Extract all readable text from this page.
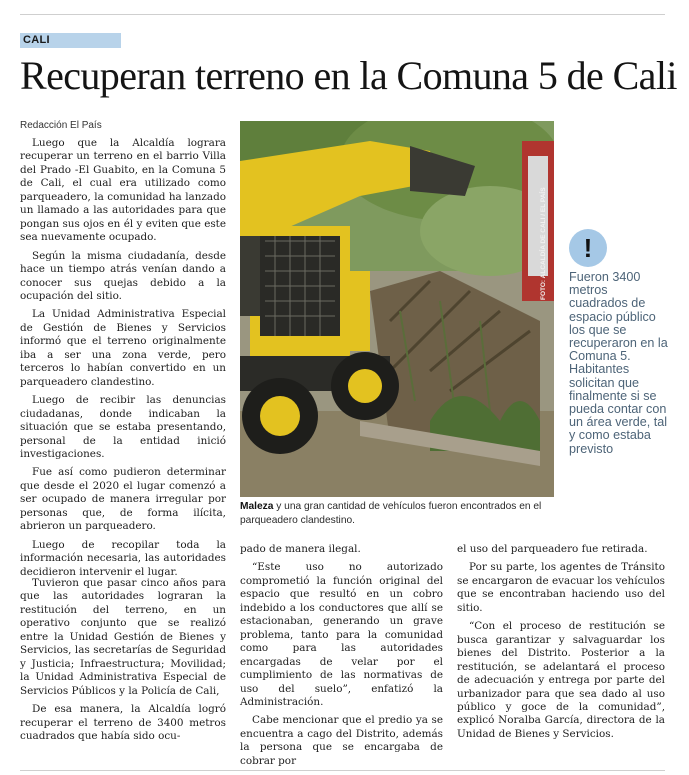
CALI
Recuperan terreno en la Comuna 5 de Cali
Redacción El País

Luego que la Alcaldía lograra recuperar un terreno en el barrio Villa del Prado -El Guabito, en la Comuna 5 de Cali, el cual era utilizado como parqueadero, la comunidad ha lanzado un llamado a las autoridades para que pongan sus ojos en él y eviten que este sea nuevamente ocupado.

Según la misma ciudadanía, desde hace un tiempo atrás venían dando a conocer sus quejas debido a la ocupación del sitio.

La Unidad Administrativa Especial de Gestión de Bienes y Servicios informó que el terreno originalmente iba a ser una zona verde, pero terceros lo habían convertido en un parqueadero clandestino.

Luego de recibir las denuncias ciudadanas, donde indicaban la situación que se estaba presentando, personal de la entidad inició investigaciones.

Fue así como pudieron determinar que desde el 2020 el lugar comenzó a ser ocupado de manera irregular por personas que, de forma ilícita, abrieron un parqueadero.

Luego de recopilar toda la información necesaria, las autoridades decidieron intervenir el lugar.

Tuvieron que pasar cinco años para que las autoridades lograran la restitución del terreno, en un operativo conjunto que se realizó entre la Unidad Gestión de Bienes y Servicios, las secretarías de Seguridad y Justicia; Infraestructura; Movilidad; la Unidad Administrativa Especial de Servicios Públicos y la Policía de Cali,

De esa manera, la Alcaldía logró recuperar el terreno de 3400 metros cuadrados que había sido ocu-

FOTO: ALCALDÍA DE CALI / EL PAÍS
Maleza y una gran cantidad de vehículos fueron encontrados en el parqueadero clandestino.
!
Fueron 3400 metros cuadrados de espacio público los que se recuperaron en la Comuna 5. Habitantes solicitan que finalmente si se pueda contar con un área verde, tal y como estaba previsto

pado de manera ilegal.

“Este uso no autorizado comprometió la función original del espacio que resultó en un cobro indebido a los conductores que allí se estacionaban, generando un grave problema, tanto para la comunidad como para las autoridades encargadas de velar por el cumplimiento de las normativas de uso del suelo”, enfatizó la Administración.

Cabe mencionar que el predio ya se encuentra a cago del Distrito, además la persona que se encargaba de cobrar por

el uso del parqueadero fue retirada.

Por su parte, los agentes de Tránsito se encargaron de evacuar los vehículos que se encontraban haciendo uso del sitio.

“Con el proceso de restitución se busca garantizar y salvaguardar los bienes del Distrito. Posterior a la restitución, se adelantará el proceso de adecuación y entrega por parte del urbanizador para que sea dado al uso público y goce de la comunidad”, explicó Noralba García, directora de la Unidad de Bienes y Servicios.
